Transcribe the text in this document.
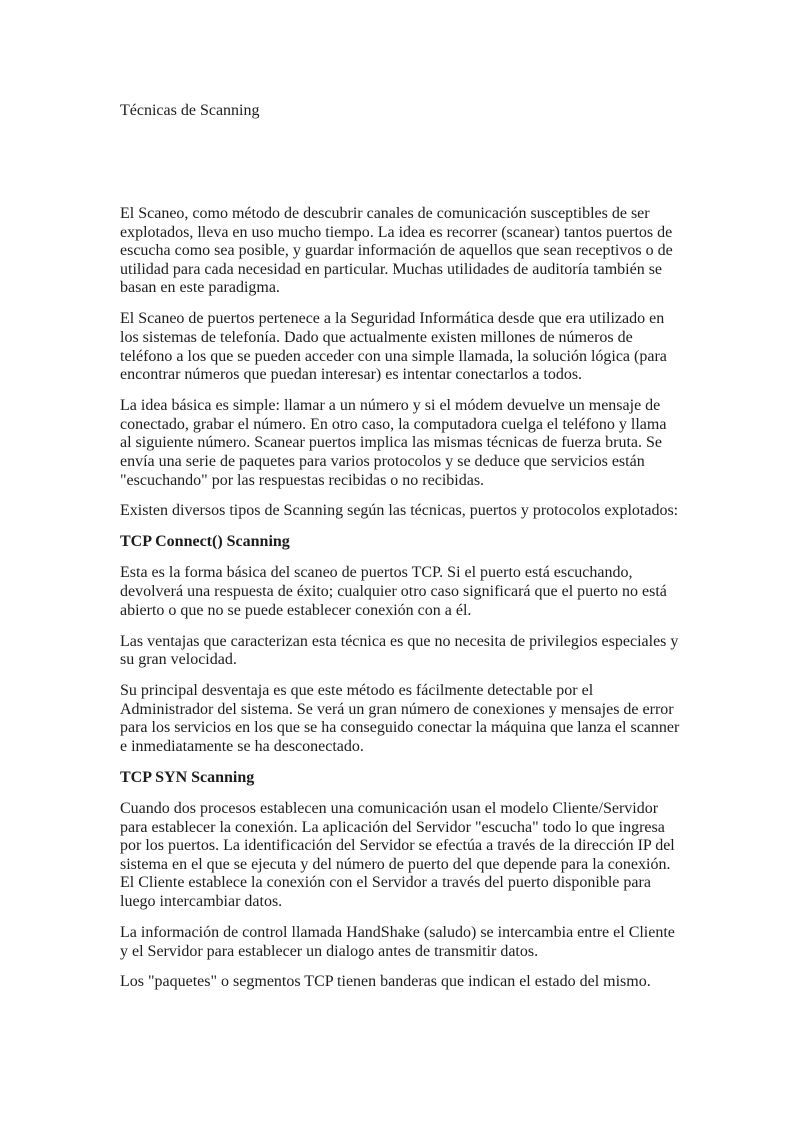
Técnicas de Scanning

El Scaneo, como método de descubrir canales de comunicación susceptibles de ser explotados, lleva en uso mucho tiempo. La idea es recorrer (scanear) tantos puertos de escucha como sea posible, y guardar información de aquellos que sean receptivos o de utilidad para cada necesidad en particular. Muchas utilidades de auditoría también se basan en este paradigma.

El Scaneo de puertos pertenece a la Seguridad Informática desde que era utilizado en los sistemas de telefonía. Dado que actualmente existen millones de números de teléfono a los que se pueden acceder con una simple llamada, la solución lógica (para encontrar números que puedan interesar) es intentar conectarlos a todos.

La idea básica es simple: llamar a un número y si el módem devuelve un mensaje de conectado, grabar el número. En otro caso, la computadora cuelga el teléfono y llama al siguiente número. Scanear puertos implica las mismas técnicas de fuerza bruta. Se envía una serie de paquetes para varios protocolos y se deduce que servicios están "escuchando" por las respuestas recibidas o no recibidas.

Existen diversos tipos de Scanning según las técnicas, puertos y protocolos explotados:

TCP Connect() Scanning

Esta es la forma básica del scaneo de puertos TCP. Si el puerto está escuchando, devolverá una respuesta de éxito; cualquier otro caso significará que el puerto no está abierto o que no se puede establecer conexión con a él.

Las ventajas que caracterizan esta técnica es que no necesita de privilegios especiales y su gran velocidad.

Su principal desventaja es que este método es fácilmente detectable por el Administrador del sistema. Se verá un gran número de conexiones y mensajes de error para los servicios en los que se ha conseguido conectar la máquina que lanza el scanner e inmediatamente se ha desconectado.

TCP SYN Scanning

Cuando dos procesos establecen una comunicación usan el modelo Cliente/Servidor para establecer la conexión. La aplicación del Servidor "escucha" todo lo que ingresa por los puertos. La identificación del Servidor se efectúa a través de la dirección IP del sistema en el que se ejecuta y del número de puerto del que depende para la conexión. El Cliente establece la conexión con el Servidor a través del puerto disponible para luego intercambiar datos.

La información de control llamada HandShake (saludo) se intercambia entre el Cliente y el Servidor para establecer un dialogo antes de transmitir datos.

Los "paquetes" o segmentos TCP tienen banderas que indican el estado del mismo.
